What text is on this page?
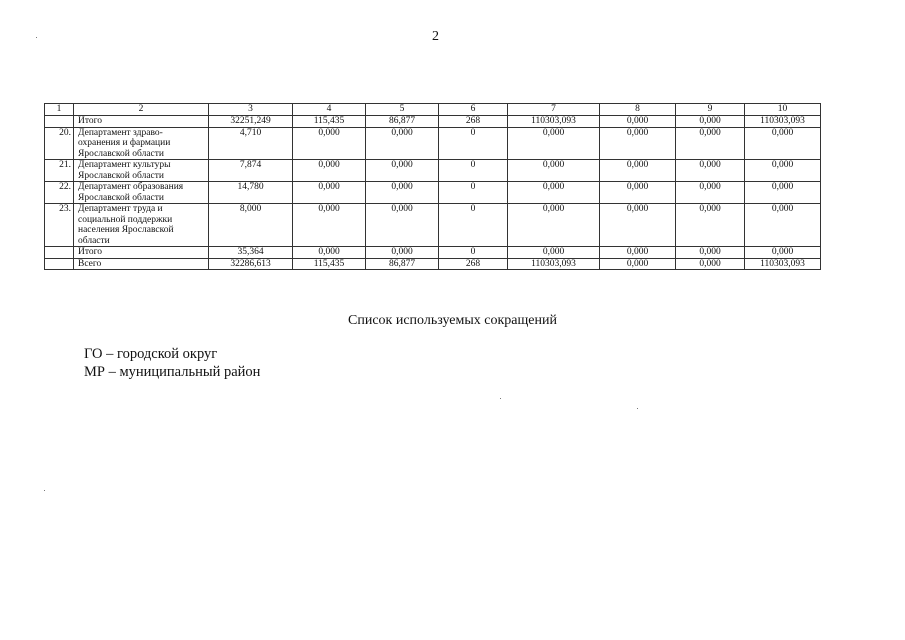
2
1	2	3	4	5	6	7	8	9	10
	Итого	32251,249	115,435	86,877	268	110303,093	0,000	0,000	110303,093
20.	Департамент здраво-
охранения и фармации
Ярославской области	4,710	0,000	0,000	0	0,000	0,000	0,000	0,000
21.	Департамент культуры
Ярославской области	7,874	0,000	0,000	0	0,000	0,000	0,000	0,000
22.	Департамент образования
Ярославской области	14,780	0,000	0,000	0	0,000	0,000	0,000	0,000
23.	Департамент труда и
социальной поддержки
населения Ярославской
области	8,000	0,000	0,000	0	0,000	0,000	0,000	0,000
	Итого	35,364	0,000	0,000	0	0,000	0,000	0,000	0,000
	Всего	32286,613	115,435	86,877	268	110303,093	0,000	0,000	110303,093
Список используемых сокращений
ГО – городской округ
МР – муниципальный район
